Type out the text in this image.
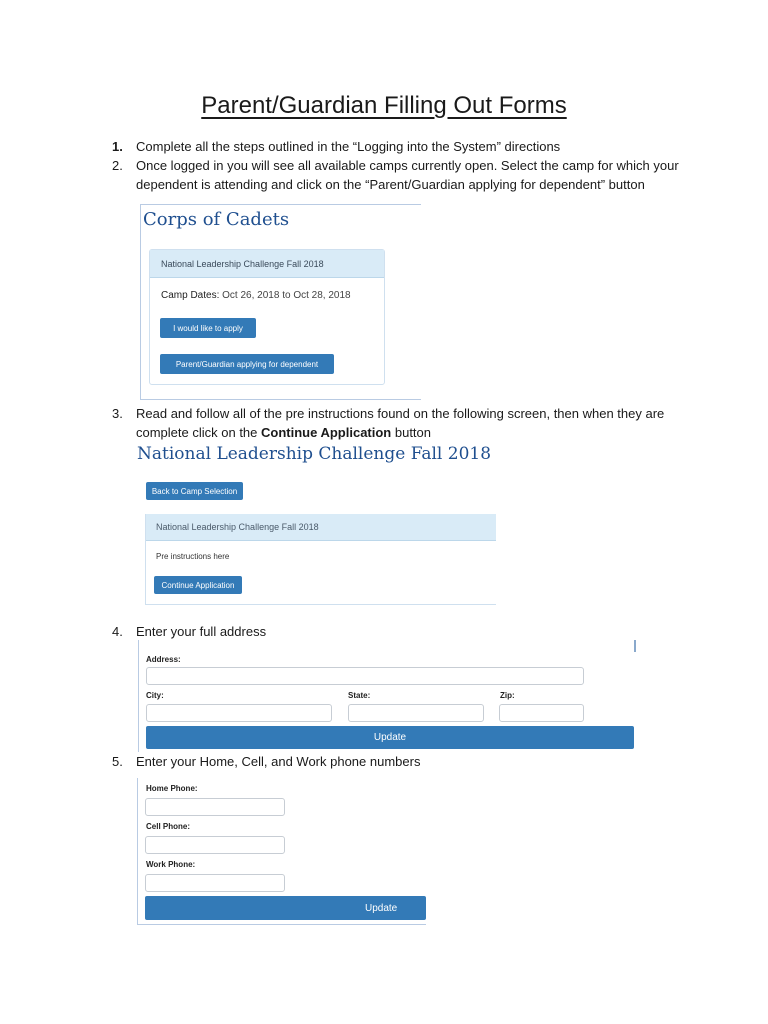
Parent/Guardian Filling Out Forms
1.	Complete all the steps outlined in the “Logging into the System” directions
2.	Once logged in you will see all available camps currently open. Select the camp for which your dependent is attending and click on the “Parent/Guardian applying for dependent” button
Corps of Cadets
National Leadership Challenge Fall 2018
Camp Dates: Oct 26, 2018 to Oct 28, 2018
I would like to apply
Parent/Guardian applying for dependent
3.	Read and follow all of the pre instructions found on the following screen, then when they are complete click on the Continue Application button
National Leadership Challenge Fall 2018
Back to Camp Selection
National Leadership Challenge Fall 2018
Pre instructions here
Continue Application
4.	Enter your full address
Address:
City:	State:	Zip:
Update
5.	Enter your Home, Cell, and Work phone numbers
Home Phone:
Cell Phone:
Work Phone:
Update
